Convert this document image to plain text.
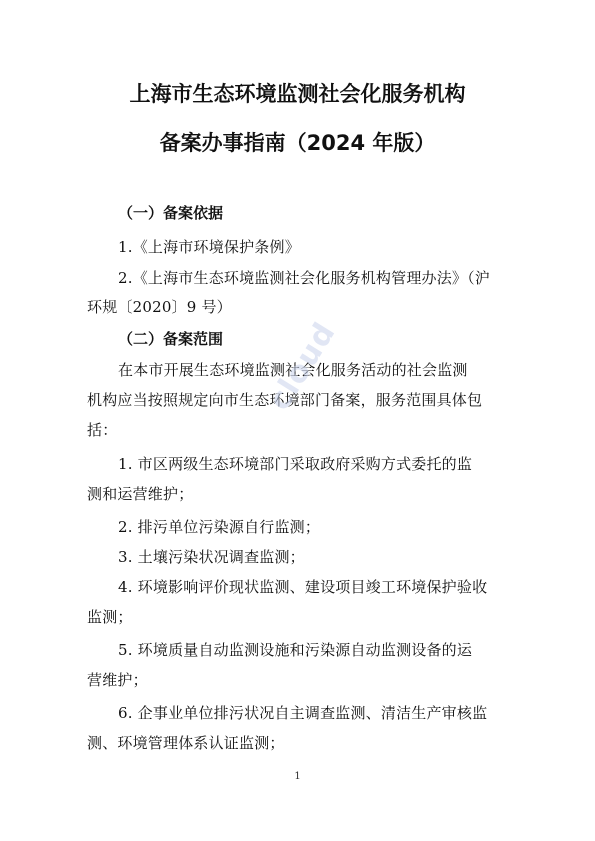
上海市生态环境监测社会化服务机构
备案办事指南（2024 年版）
（一）备案依据
1.《上海市环境保护条例》
2.《上海市生态环境监测社会化服务机构管理办法》（沪
环规〔2020〕9 号）
（二）备案范围
在本市开展生态环境监测社会化服务活动的社会监测
机构应当按照规定向市生态环境部门备案，服务范围具体包
括：
1. 市区两级生态环境部门采取政府采购方式委托的监
测和运营维护；
2. 排污单位污染源自行监测；
3. 土壤污染状况调查监测；
4. 环境影响评价现状监测、建设项目竣工环境保护验收
监测；
5. 环境质量自动监测设施和污染源自动监测设备的运
营维护；
6. 企事业单位排污状况自主调查监测、清洁生产审核监
测、环境管理体系认证监测；
cloud
1
